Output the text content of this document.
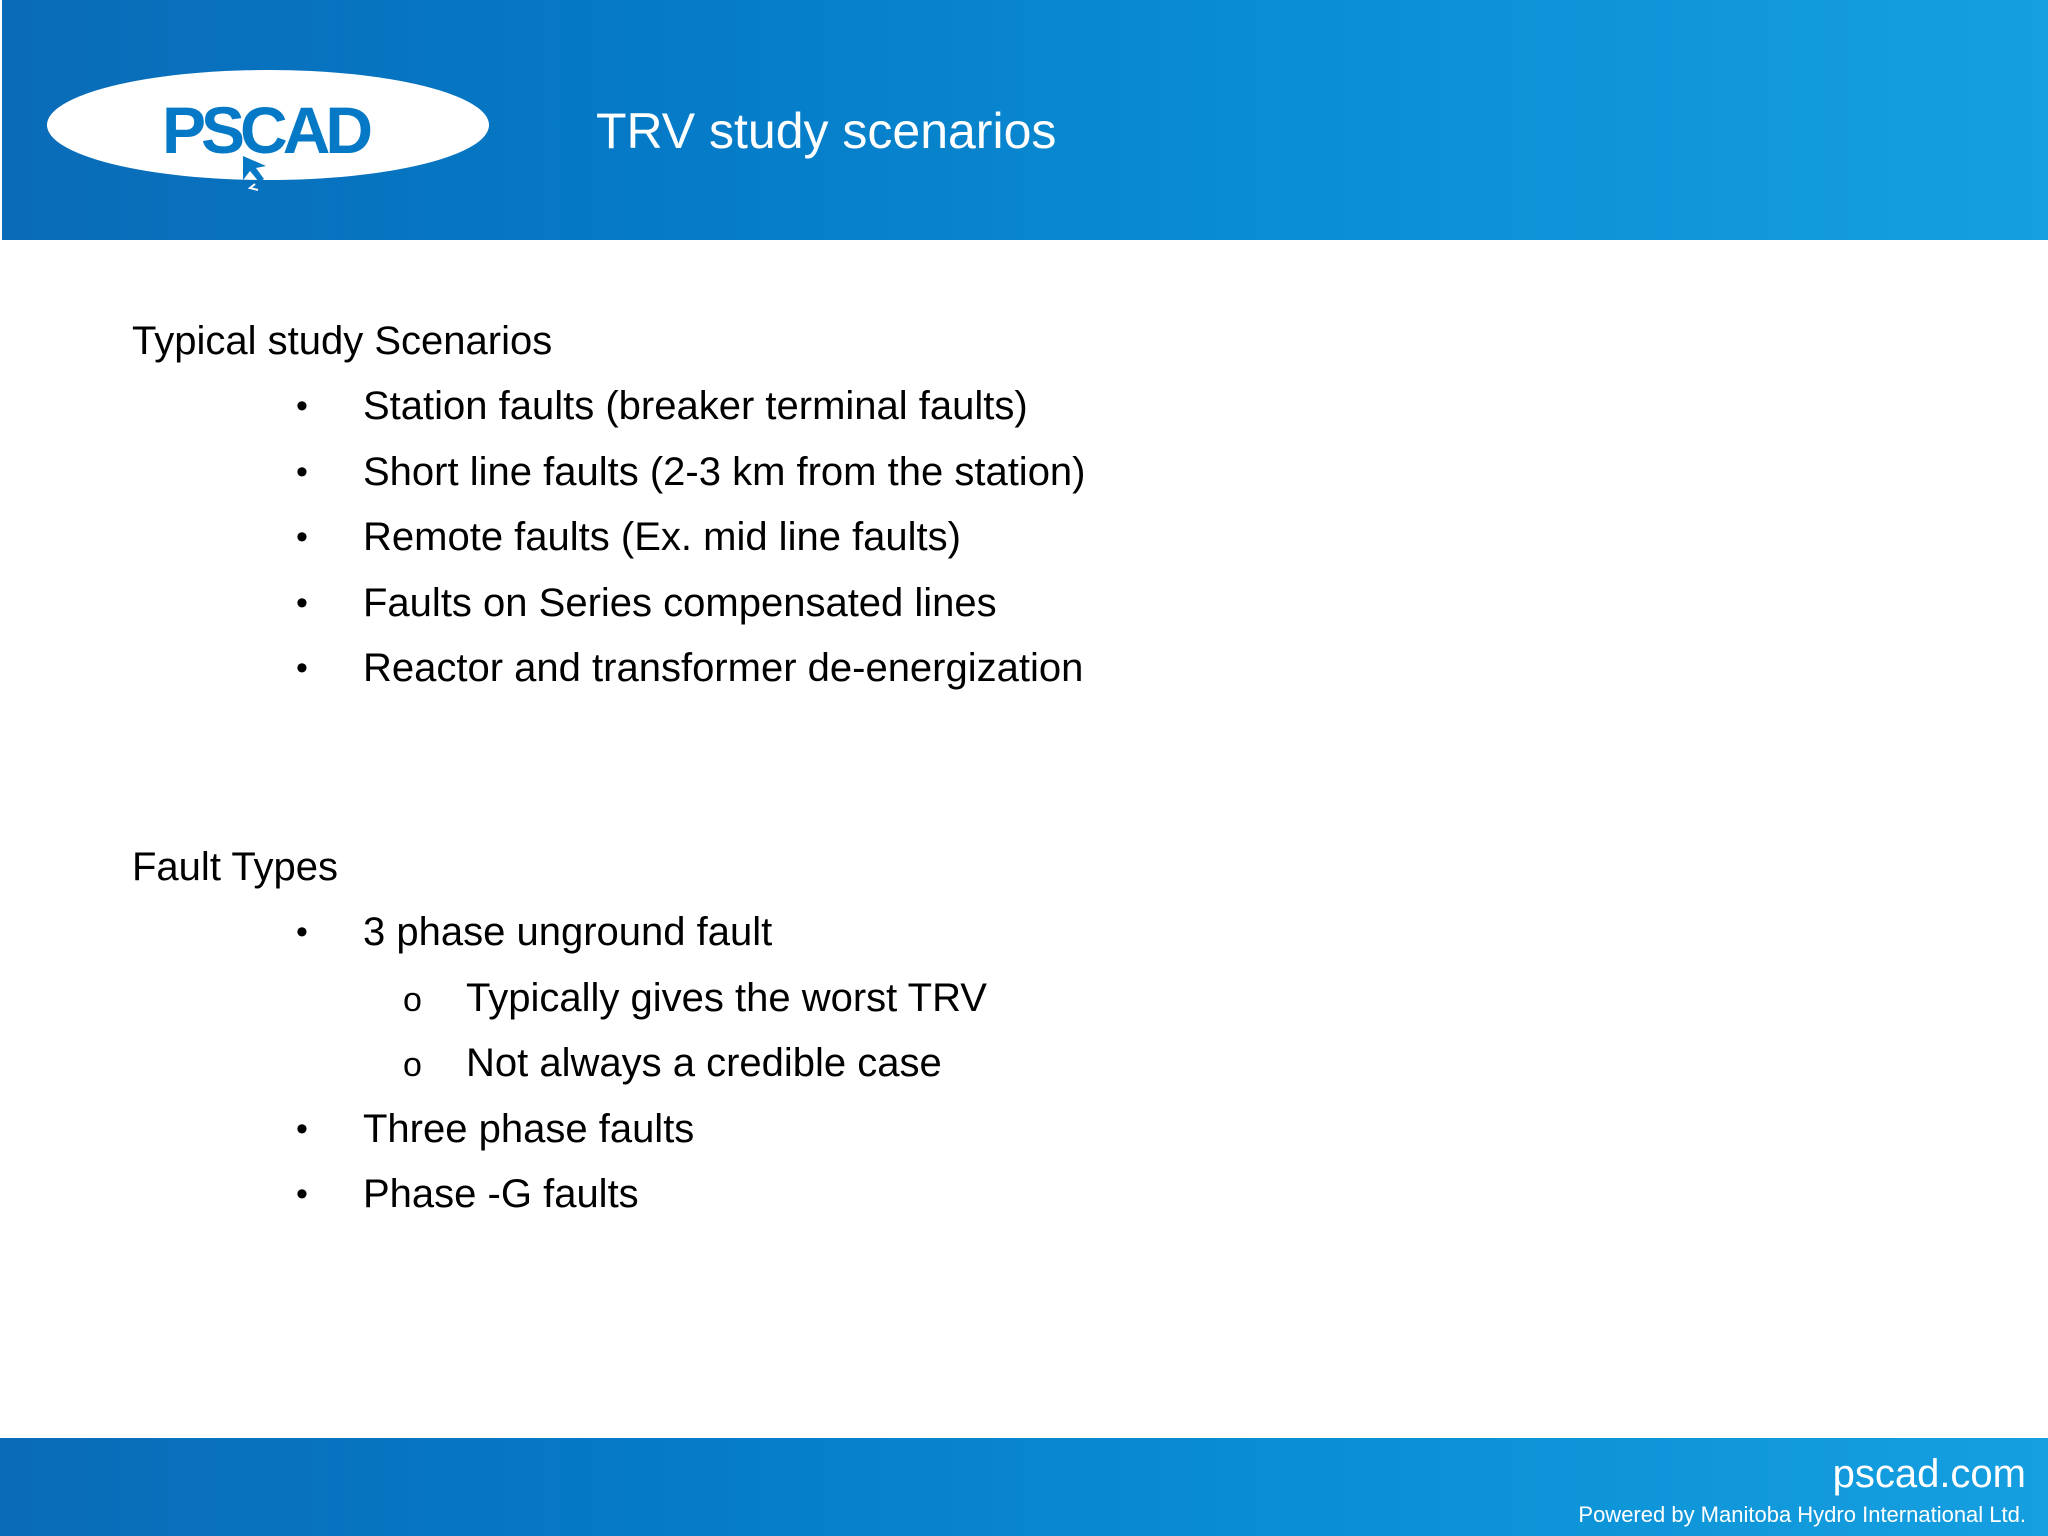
PSCAD	TRV study scenarios
Typical study Scenarios
•	Station faults (breaker terminal faults)
•	Short line faults (2-3 km from the station)
•	Remote faults (Ex. mid line faults)
•	Faults on Series compensated lines
•	Reactor and transformer de-energization
Fault Types
•	3 phase unground fault
o Typically gives the worst TRV
o Not always a credible case
•	Three phase faults
•	Phase -G faults
pscad.com
Powered by Manitoba Hydro International Ltd.
